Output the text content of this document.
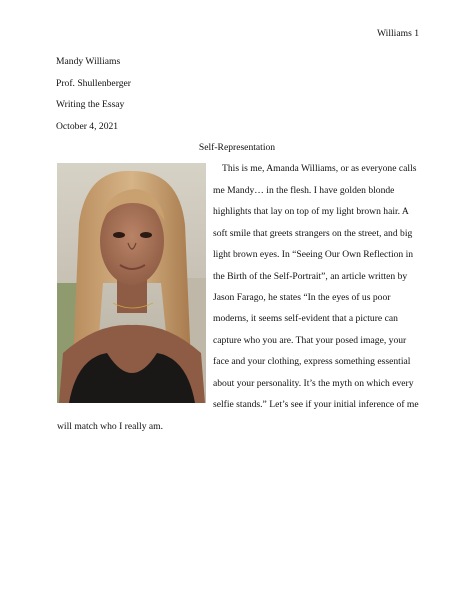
Williams 1
Mandy Williams
Prof. Shullenberger
Writing the Essay
October 4, 2021
Self-Representation
This is me, Amanda Williams, or as everyone calls
me Mandy… in the flesh. I have golden blonde
highlights that lay on top of my light brown hair. A
soft smile that greets strangers on the street, and big
light brown eyes. In “Seeing Our Own Reflection in
the Birth of the Self-Portrait”, an article written by
Jason Farago, he states “In the eyes of us poor
moderns, it seems self-evident that a picture can
capture who you are. That your posed image, your
face and your clothing, express something essential
about your personality. It’s the myth on which every
selfie stands.” Let’s see if your initial inference of me
will match who I really am.
